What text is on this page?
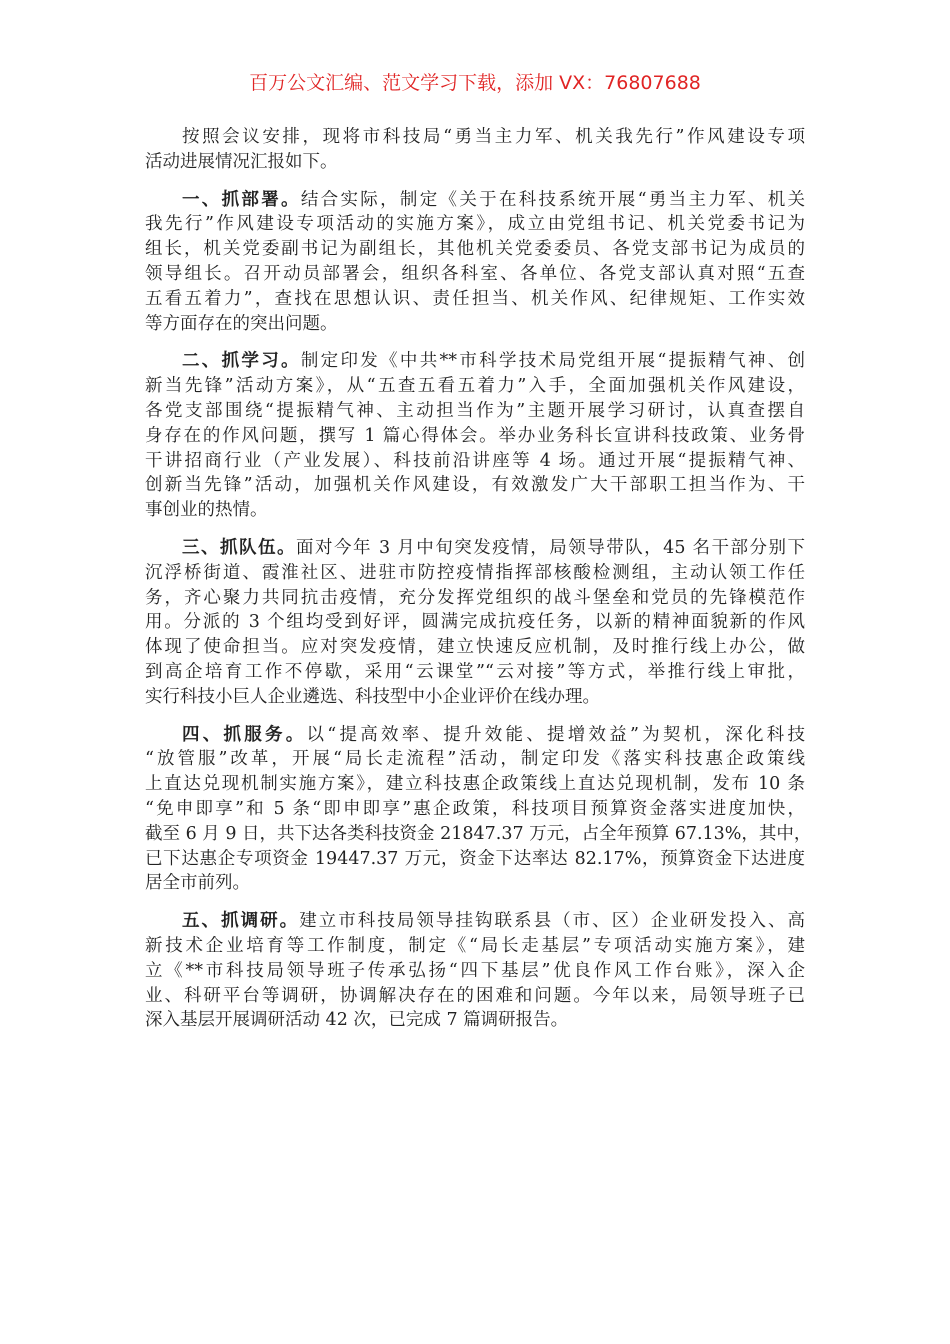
百万公文汇编、范文学习下载，添加 VX：76807688
按照会议安排，现将市科技局“勇当主力军、机关我先行”作风建设专项
活动进展情况汇报如下。
一、抓部署。结合实际，制定《关于在科技系统开展“勇当主力军、机关
我先行”作风建设专项活动的实施方案》，成立由党组书记、机关党委书记为
组长，机关党委副书记为副组长，其他机关党委委员、各党支部书记为成员的
领导组长。召开动员部署会，组织各科室、各单位、各党支部认真对照“五查
五看五着力”，查找在思想认识、责任担当、机关作风、纪律规矩、工作实效
等方面存在的突出问题。
二、抓学习。制定印发《中共**市科学技术局党组开展“提振精气神、创
新当先锋”活动方案》，从“五查五看五着力”入手，全面加强机关作风建设，
各党支部围绕“提振精气神、主动担当作为”主题开展学习研讨，认真查摆自
身存在的作风问题，撰写 1 篇心得体会。举办业务科长宣讲科技政策、业务骨
干讲招商行业（产业发展）、科技前沿讲座等 4 场。通过开展“提振精气神、
创新当先锋”活动，加强机关作风建设，有效激发广大干部职工担当作为、干
事创业的热情。
三、抓队伍。面对今年 3 月中旬突发疫情，局领导带队，45 名干部分别下
沉浮桥街道、霞淮社区、进驻市防控疫情指挥部核酸检测组，主动认领工作任
务，齐心聚力共同抗击疫情，充分发挥党组织的战斗堡垒和党员的先锋模范作
用。分派的 3 个组均受到好评，圆满完成抗疫任务，以新的精神面貌新的作风
体现了使命担当。应对突发疫情，建立快速反应机制，及时推行线上办公，做
到高企培育工作不停歇，采用“云课堂”“云对接”等方式，举推行线上审批，
实行科技小巨人企业遴选、科技型中小企业评价在线办理。
四、抓服务。以“提高效率、提升效能、提增效益”为契机，深化科技
“放管服”改革，开展“局长走流程”活动，制定印发《落实科技惠企政策线
上直达兑现机制实施方案》，建立科技惠企政策线上直达兑现机制，发布 10 条
“免申即享”和 5 条“即申即享”惠企政策，科技项目预算资金落实进度加快，
截至 6 月 9 日，共下达各类科技资金 21847.37 万元，占全年预算 67.13%，其中，
已下达惠企专项资金 19447.37 万元，资金下达率达 82.17%，预算资金下达进度
居全市前列。
五、抓调研。建立市科技局领导挂钩联系县（市、区）企业研发投入、高
新技术企业培育等工作制度，制定《“局长走基层”专项活动实施方案》，建
立《**市科技局领导班子传承弘扬“四下基层”优良作风工作台账》，深入企
业、科研平台等调研，协调解决存在的困难和问题。今年以来，局领导班子已
深入基层开展调研活动 42 次，已完成 7 篇调研报告。
